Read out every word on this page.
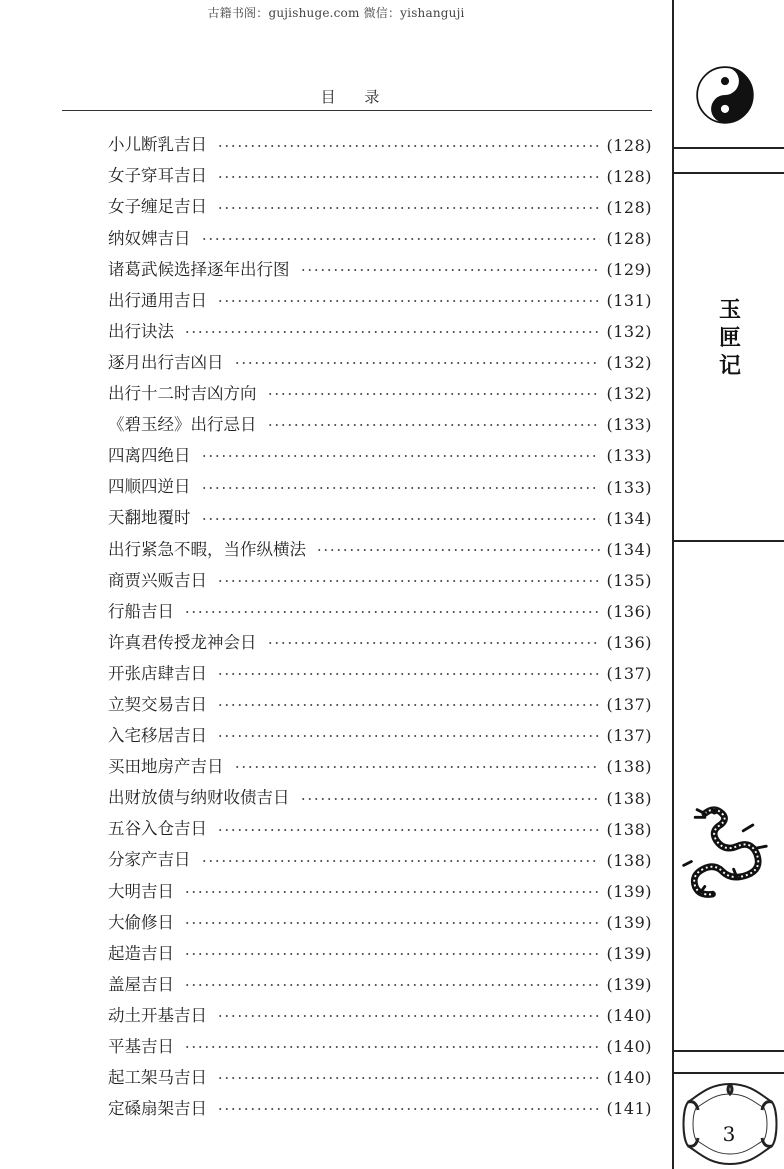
古籍书阁：gujishuge.com 微信：yishanguji
目 录
小儿断乳吉日	(128)
女子穿耳吉日	(128)
女子缠足吉日	(128)
纳奴婢吉日	(128)
诸葛武候选择逐年出行图	(129)
出行通用吉日	(131)
出行诀法	(132)
逐月出行吉凶日	(132)
出行十二时吉凶方向	(132)
《碧玉经》出行忌日	(133)
四离四绝日	(133)
四顺四逆日	(133)
天翻地覆时	(134)
出行紧急不暇，当作纵横法	(134)
商贾兴贩吉日	(135)
行船吉日	(136)
许真君传授龙神会日	(136)
开张店肆吉日	(137)
立契交易吉日	(137)
入宅移居吉日	(137)
买田地房产吉日	(138)
出财放债与纳财收债吉日	(138)
五谷入仓吉日	(138)
分家产吉日	(138)
大明吉日	(139)
大偷修日	(139)
起造吉日	(139)
盖屋吉日	(139)
动土开基吉日	(140)
平基吉日	(140)
起工架马吉日	(140)
定磉扇架吉日	(141)
玉
匣
记
3
